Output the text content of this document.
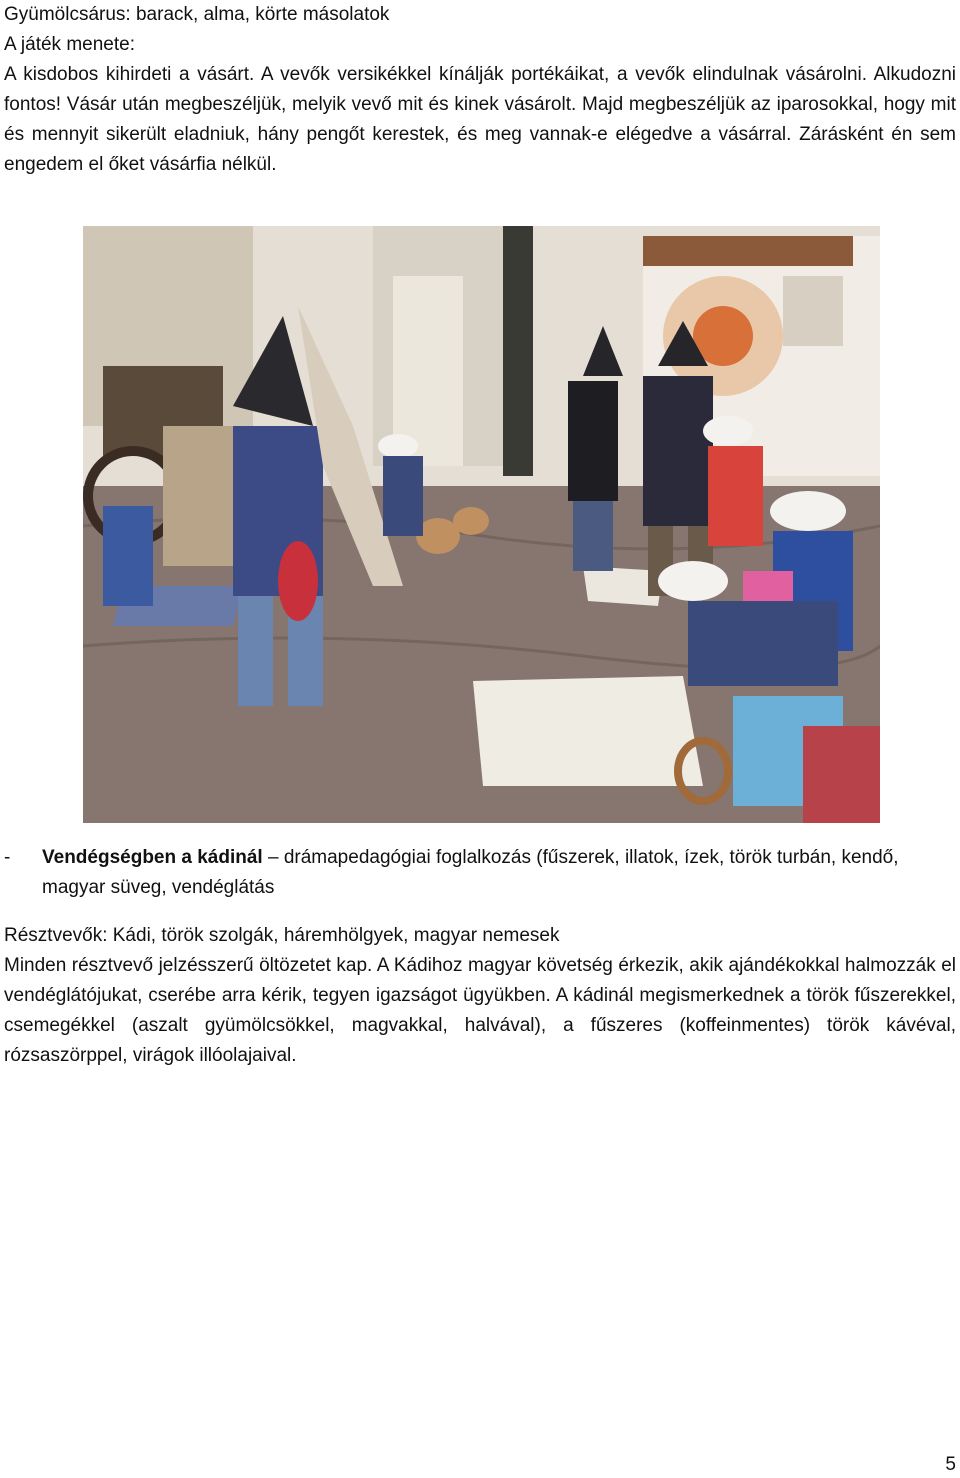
Gyümölcsárus: barack, alma, körte másolatok

A játék menete:

A kisdobos kihirdeti a vásárt. A vevők versikékkel kínálják portékáikat, a vevők elindulnak vásárolni. Alkudozni fontos! Vásár után megbeszéljük, melyik vevő mit és kinek vásárolt. Majd megbeszéljük az iparosokkal, hogy mit és mennyit sikerült eladniuk, hány pengőt kerestek, és meg vannak-e elégedve a vásárral. Zárásként én sem engedem el őket vásárfia nélkül.

-	Vendégségben a kádinál – drámapedagógiai foglalkozás (fűszerek, illatok, ízek, török turbán, kendő, magyar süveg, vendéglátás

Résztvevők: Kádi, török szolgák, háremhölgyek, magyar nemesek

Minden résztvevő jelzésszerű öltözetet kap. A Kádihoz magyar követség érkezik, akik ajándékokkal halmozzák el vendéglátójukat, cserébe arra kérik, tegyen igazságot ügyükben. A kádinál megismerkednek a török fűszerekkel, csemegékkel (aszalt gyümölcsökkel, magvakkal, halvával), a fűszeres (koffeinmentes) török kávéval, rózsaszörppel, virágok illóolajaival.

5
